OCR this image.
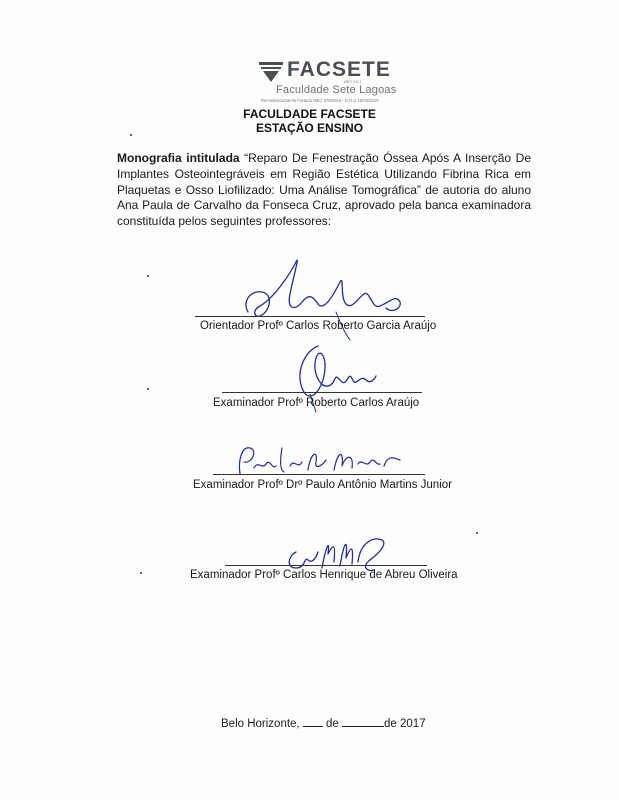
FACSETE
MEC 3 N 1
Faculdade Sete Lagoas
Recredenciamento Portaria MEC 278/2016 - D.O.U 19/04/2016
FACULDADE FACSETE
ESTAÇÃO ENSINO
Monografia intitulada “Reparo De Fenestração Óssea Após A Inserção De Implantes Osteointegráveis em Região Estética Utilizando Fibrina Rica em Plaquetas e Osso Liofilizado: Uma Análise Tomográfica” de autoria do aluno Ana Paula de Carvalho da Fonseca Cruz, aprovado pela banca examinadora constituída pelos seguintes professores:
Orientador Profº Carlos Roberto Garcia Araújo
Examinador Profº Roberto Carlos Araújo
Examinador Profº Drº Paulo Antônio Martins Junior
Examinador Profº Carlos Henrique de Abreu Oliveira
Belo Horizonte, de	de 2017
